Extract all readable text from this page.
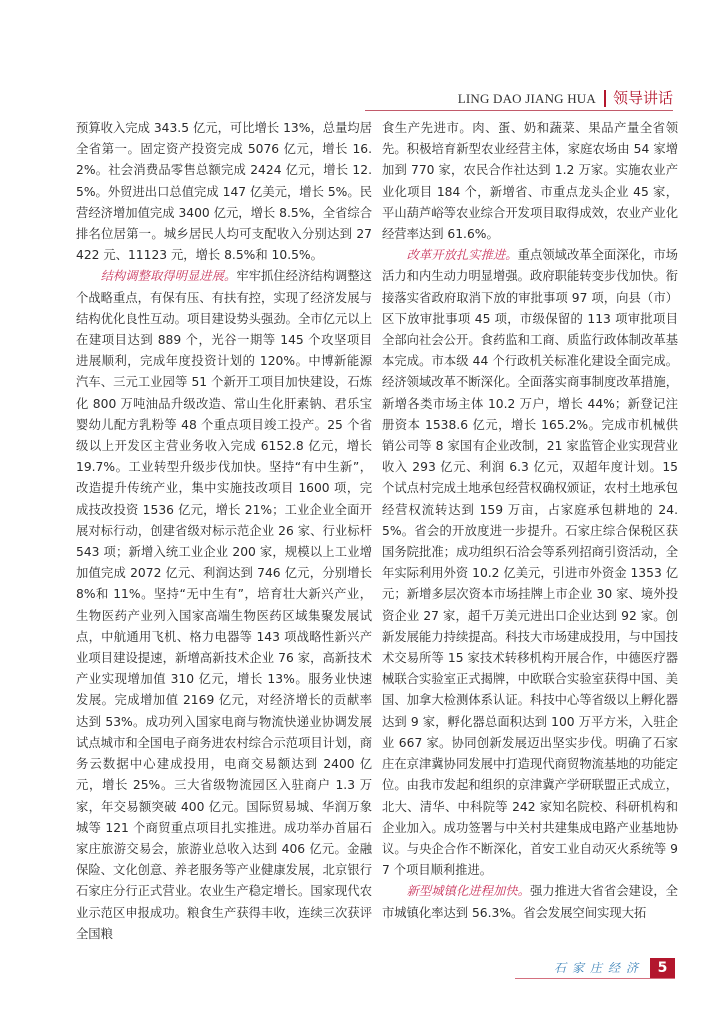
LING DAO JIANG HUA 领导讲话

预算收入完成 343.5 亿元，可比增长 13%，总量均居全省第一。固定资产投资完成 5076 亿元，增长 16.2%。社会消费品零售总额完成 2424 亿元，增长 12.5%。外贸进出口总值完成 147 亿美元，增长 5%。民营经济增加值完成 3400 亿元，增长 8.5%，全省综合排名位居第一。城乡居民人均可支配收入分别达到 27422 元、11123 元，增长 8.5%和 10.5%。

结构调整取得明显进展。牢牢抓住经济结构调整这个战略重点，有保有压、有扶有控，实现了经济发展与结构优化良性互动。项目建设势头强劲。全市亿元以上在建项目达到 889 个，光谷一期等 145 个攻坚项目进展顺利，完成年度投资计划的 120%。中博新能源汽车、三元工业园等 51 个新开工项目加快建设，石炼化 800 万吨油品升级改造、常山生化肝素钠、君乐宝婴幼儿配方乳粉等 48 个重点项目竣工投产。25 个省级以上开发区主营业务收入完成 6152.8 亿元，增长 19.7%。工业转型升级步伐加快。坚持“有中生新”，改造提升传统产业，集中实施技改项目 1600 项，完成技改投资 1536 亿元，增长 21%；工业企业全面开展对标行动，创建省级对标示范企业 26 家、行业标杆 543 项；新增入统工业企业 200 家，规模以上工业增加值完成 2072 亿元、利润达到 746 亿元，分别增长 8%和 11%。坚持“无中生有”，培育壮大新兴产业，生物医药产业列入国家高端生物医药区域集聚发展试点，中航通用飞机、格力电器等 143 项战略性新兴产业项目建设提速，新增高新技术企业 76 家，高新技术产业实现增加值 310 亿元，增长 13%。服务业快速发展。完成增加值 2169 亿元，对经济增长的贡献率达到 53%。成功列入国家电商与物流快递业协调发展试点城市和全国电子商务进农村综合示范项目计划，商务云数据中心建成投用，电商交易额达到 2400 亿元，增长 25%。三大省级物流园区入驻商户 1.3 万家，年交易额突破 400 亿元。国际贸易城、华润万象城等 121 个商贸重点项目扎实推进。成功举办首届石家庄旅游交易会，旅游业总收入达到 406 亿元。金融保险、文化创意、养老服务等产业健康发展，北京银行石家庄分行正式营业。农业生产稳定增长。国家现代农业示范区申报成功。粮食生产获得丰收，连续三次获评全国粮

食生产先进市。肉、蛋、奶和蔬菜、果品产量全省领先。积极培育新型农业经营主体，家庭农场由 54 家增加到 770 家，农民合作社达到 1.2 万家。实施农业产业化项目 184 个，新增省、市重点龙头企业 45 家，平山葫芦峪等农业综合开发项目取得成效，农业产业化经营率达到 61.6%。

改革开放扎实推进。重点领域改革全面深化，市场活力和内生动力明显增强。政府职能转变步伐加快。衔接落实省政府取消下放的审批事项 97 项，向县（市）区下放审批事项 45 项，市级保留的 113 项审批项目全部向社会公开。食药监和工商、质监行政体制改革基本完成。市本级 44 个行政机关标准化建设全面完成。经济领域改革不断深化。全面落实商事制度改革措施，新增各类市场主体 10.2 万户，增长 44%；新登记注册资本 1538.6 亿元，增长 165.2%。完成市机械供销公司等 8 家国有企业改制，21 家监管企业实现营业收入 293 亿元、利润 6.3 亿元，双超年度计划。15 个试点村完成土地承包经营权确权颁证，农村土地承包经营权流转达到 159 万亩，占家庭承包耕地的 24.5%。省会的开放度进一步提升。石家庄综合保税区获国务院批准；成功组织石洽会等系列招商引资活动，全年实际利用外资 10.2 亿美元，引进市外资金 1353 亿元；新增多层次资本市场挂牌上市企业 30 家、境外投资企业 27 家，超千万美元进出口企业达到 92 家。创新发展能力持续提高。科技大市场建成投用，与中国技术交易所等 15 家技术转移机构开展合作，中德医疗器械联合实验室正式揭牌，中欧联合实验室获得中国、美国、加拿大检测体系认证。科技中心等省级以上孵化器达到 9 家，孵化器总面积达到 100 万平方米，入驻企业 667 家。协同创新发展迈出坚实步伐。明确了石家庄在京津冀协同发展中打造现代商贸物流基地的功能定位。由我市发起和组织的京津冀产学研联盟正式成立，北大、清华、中科院等 242 家知名院校、科研机构和企业加入。成功签署与中关村共建集成电路产业基地协议。与央企合作不断深化，首安工业自动灭火系统等 97 个项目顺利推进。

新型城镇化进程加快。强力推进大省省会建设，全市城镇化率达到 56.3%。省会发展空间实现大拓

石家庄经济 5
